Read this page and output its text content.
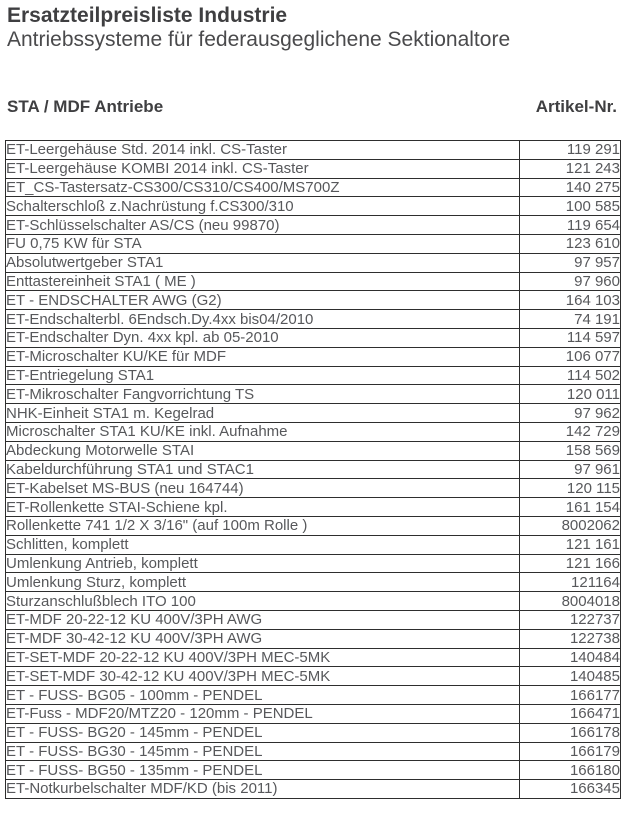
Ersatzteilpreisliste Industrie
Antriebssysteme für federausgeglichene Sektionaltore
STA / MDF Antriebe	Artikel-Nr.
ET-Leergehäuse Std. 2014 inkl. CS-Taster	119 291
ET-Leergehäuse KOMBI 2014 inkl. CS-Taster	121 243
ET_CS-Tastersatz-CS300/CS310/CS400/MS700Z	140 275
Schalterschloß z.Nachrüstung f.CS300/310	100 585
ET-Schlüsselschalter AS/CS (neu 99870)	119 654
FU 0,75 KW für STA	123 610
Absolutwertgeber STA1	97 957
Enttastereinheit STA1 ( ME )	97 960
ET - ENDSCHALTER AWG (G2)	164 103
ET-Endschalterbl. 6Endsch.Dy.4xx bis04/2010	74 191
ET-Endschalter Dyn. 4xx kpl. ab 05-2010	114 597
ET-Microschalter KU/KE für MDF	106 077
ET-Entriegelung STA1	114 502
ET-Mikroschalter Fangvorrichtung TS	120 011
NHK-Einheit STA1 m. Kegelrad	97 962
Microschalter STA1 KU/KE inkl. Aufnahme	142 729
Abdeckung Motorwelle STAI	158 569
Kabeldurchführung STA1 und STAC1	97 961
ET-Kabelset MS-BUS (neu 164744)	120 115
ET-Rollenkette STAI-Schiene kpl.	161 154
Rollenkette 741 1/2 X 3/16" (auf 100m Rolle )	8002062
Schlitten, komplett	121 161
Umlenkung Antrieb, komplett	121 166
Umlenkung Sturz, komplett	121164
Sturzanschlußblech ITO 100	8004018
ET-MDF 20-22-12 KU 400V/3PH AWG	122737
ET-MDF 30-42-12 KU 400V/3PH AWG	122738
ET-SET-MDF 20-22-12 KU 400V/3PH MEC-5MK	140484
ET-SET-MDF 30-42-12 KU 400V/3PH MEC-5MK	140485
ET - FUSS- BG05 - 100mm - PENDEL	166177
ET-Fuss - MDF20/MTZ20 - 120mm - PENDEL	166471
ET - FUSS- BG20 - 145mm - PENDEL	166178
ET - FUSS- BG30 - 145mm - PENDEL	166179
ET - FUSS- BG50 - 135mm - PENDEL	166180
ET-Notkurbelschalter MDF/KD (bis 2011)	166345
